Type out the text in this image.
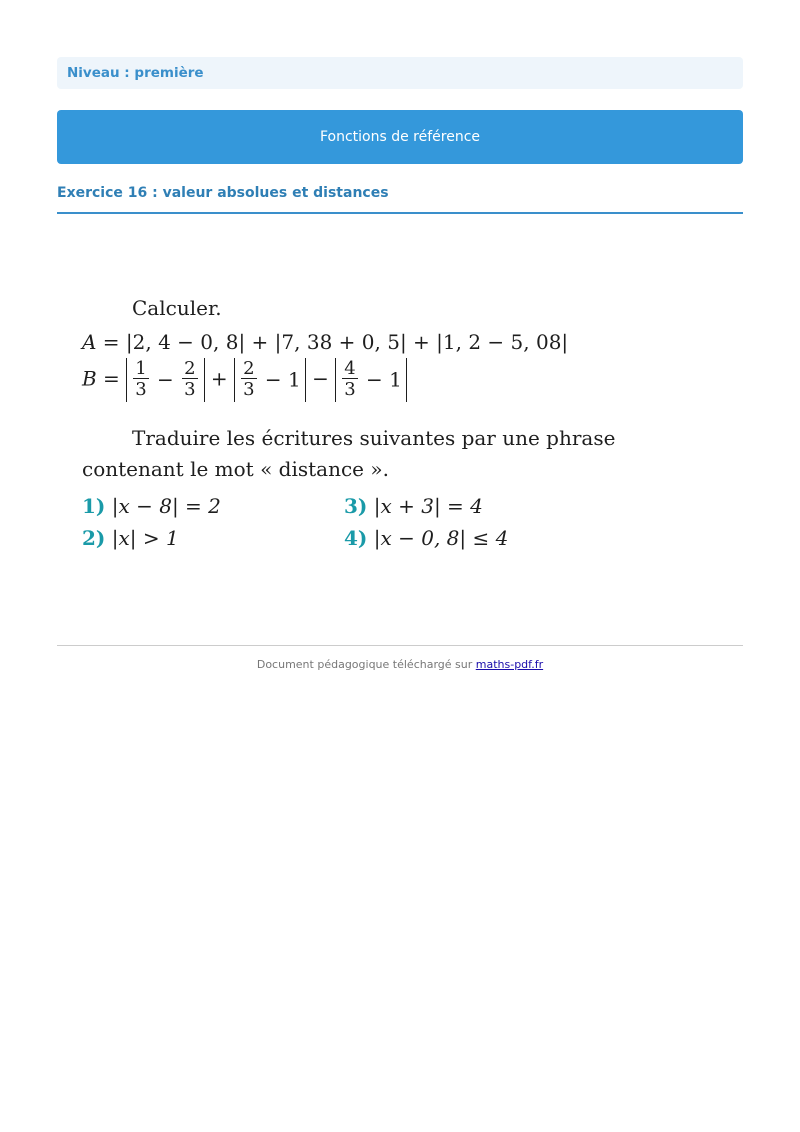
Niveau : première
Fonctions de référence
Exercice 16 : valeur absolues et distances
Calculer.
A = |2, 4 − 0, 8| + |7, 38 + 0, 5| + |1, 2 − 5, 08|
$B = \frac{1}{3} - \frac{2}{3} + \frac{2}{3} - 1 - \frac{4}{3} - 1$
Traduire les écritures suivantes par une phrase
contenant le mot « distance ».
1) |x − 8| = 2
2) |x| > 1
3) |x + 3| = 4
4) |x − 0, 8| ≤ 4
Document pédagogique téléchargé sur maths-pdf.fr
